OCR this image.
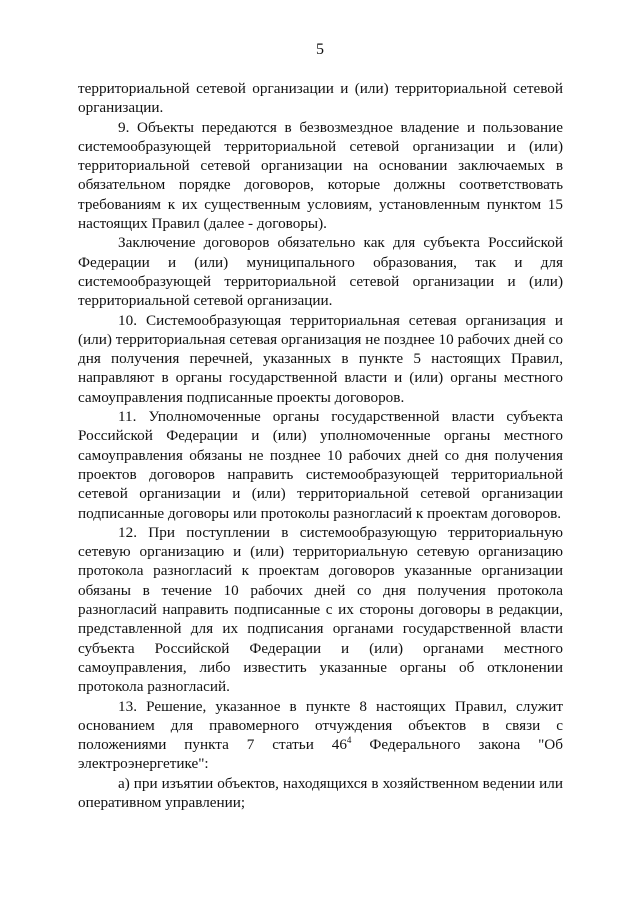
5

территориальной сетевой организации и (или) территориальной сетевой организации.

9. Объекты передаются в безвозмездное владение и пользование системообразующей территориальной сетевой организации и (или) территориальной сетевой организации на основании заключаемых в обязательном порядке договоров, которые должны соответствовать требованиям к их существенным условиям, установленным пунктом 15 настоящих Правил (далее - договоры).

Заключение договоров обязательно как для субъекта Российской Федерации и (или) муниципального образования, так и для системообразующей территориальной сетевой организации и (или) территориальной сетевой организации.

10. Системообразующая территориальная сетевая организация и (или) территориальная сетевая организация не позднее 10 рабочих дней со дня получения перечней, указанных в пункте 5 настоящих Правил, направляют в органы государственной власти и (или) органы местного самоуправления подписанные проекты договоров.

11. Уполномоченные органы государственной власти субъекта Российской Федерации и (или) уполномоченные органы местного самоуправления обязаны не позднее 10 рабочих дней со дня получения проектов договоров направить системообразующей территориальной сетевой организации и (или) территориальной сетевой организации подписанные договоры или протоколы разногласий к проектам договоров.

12. При поступлении в системообразующую территориальную сетевую организацию и (или) территориальную сетевую организацию протокола разногласий к проектам договоров указанные организации обязаны в течение 10 рабочих дней со дня получения протокола разногласий направить подписанные с их стороны договоры в редакции, представленной для их подписания органами государственной власти субъекта Российской Федерации и (или) органами местного самоуправления, либо известить указанные органы об отклонении протокола разногласий.

13. Решение, указанное в пункте 8 настоящих Правил, служит основанием для правомерного отчуждения объектов в связи с положениями пункта 7 статьи $46^4$ Федерального закона "Об электроэнергетике":

а) при изъятии объектов, находящихся в хозяйственном ведении или оперативном управлении;
